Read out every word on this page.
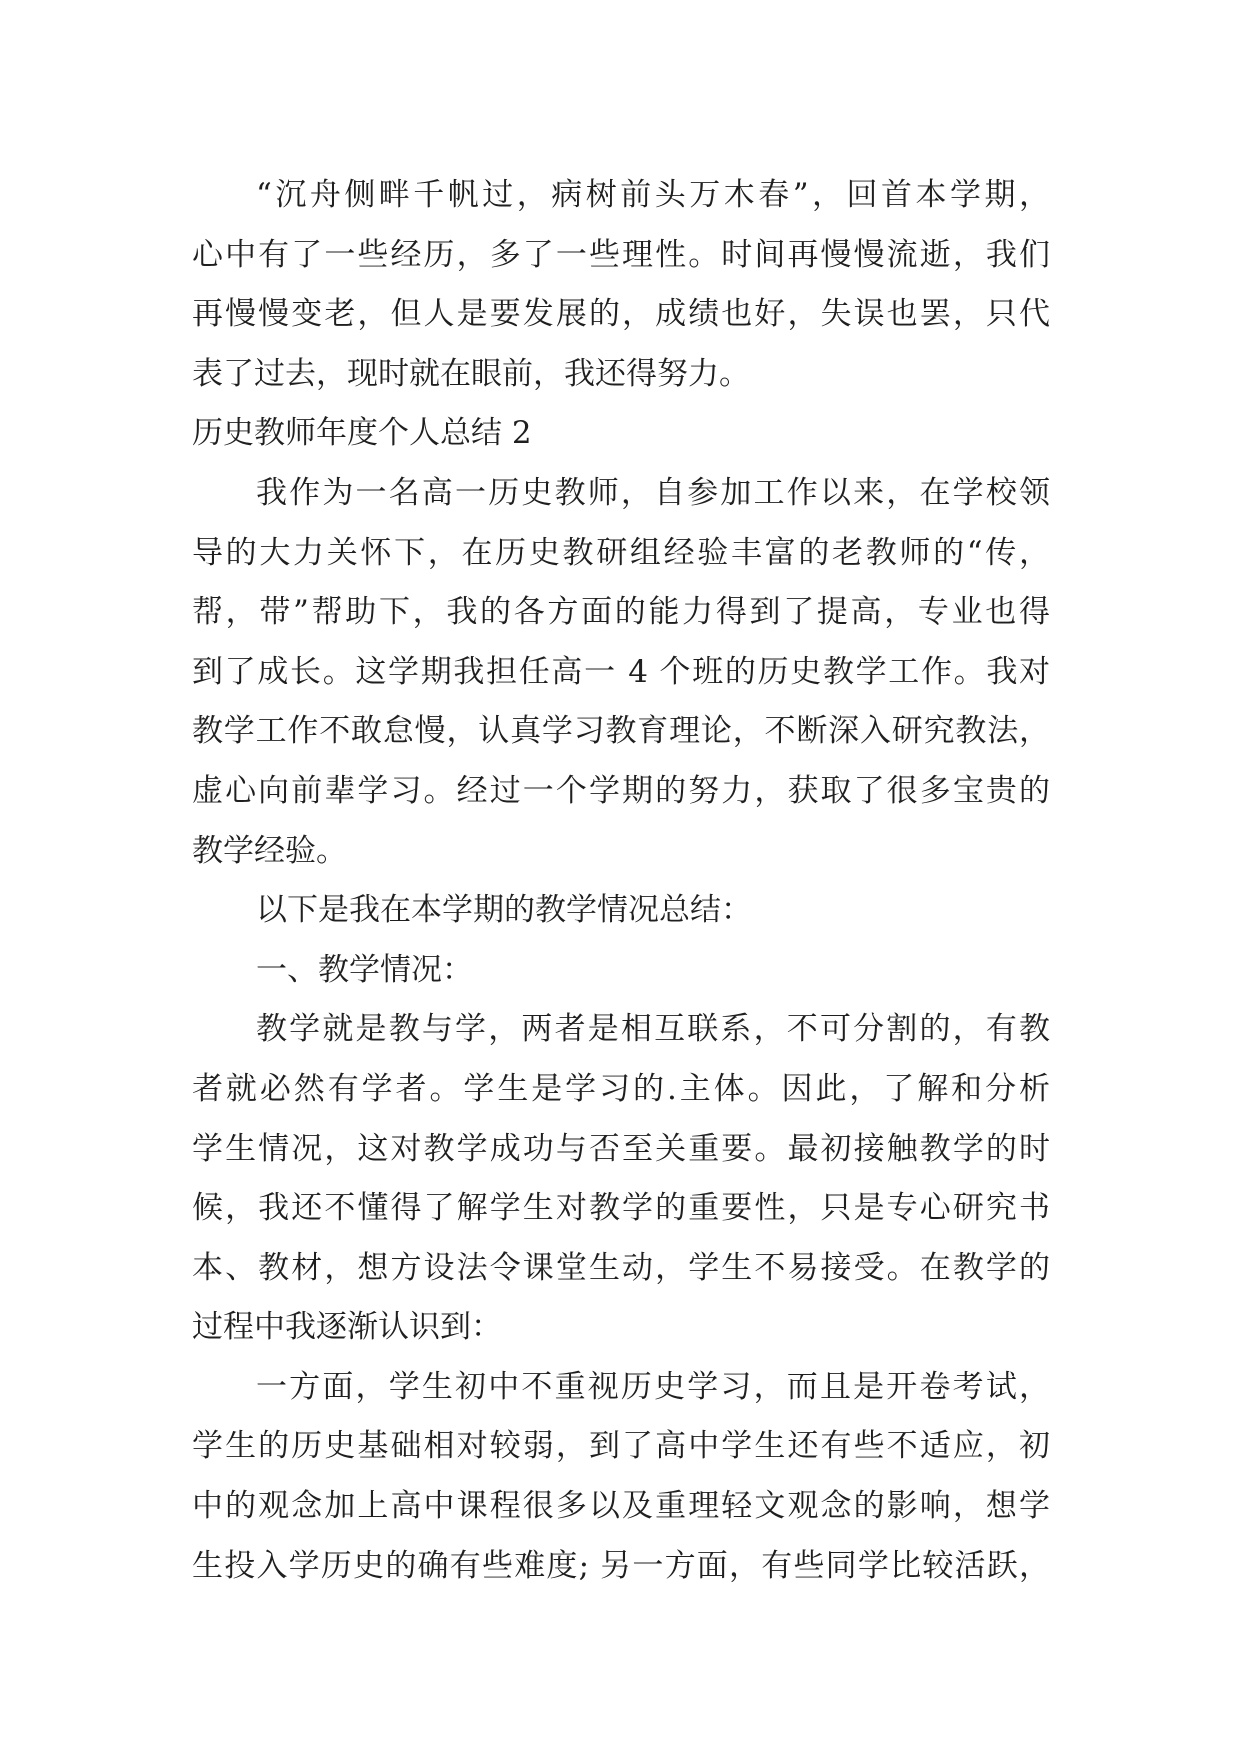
“沉舟侧畔千帆过，病树前头万木春”，回首本学期，
心中有了一些经历，多了一些理性。时间再慢慢流逝，我们
再慢慢变老，但人是要发展的，成绩也好，失误也罢，只代
表了过去，现时就在眼前，我还得努力。
历史教师年度个人总结 2
我作为一名高一历史教师，自参加工作以来，在学校领
导的大力关怀下，在历史教研组经验丰富的老教师的“传，
帮，带”帮助下，我的各方面的能力得到了提高，专业也得
到了成长。这学期我担任高一 4 个班的历史教学工作。我对
教学工作不敢怠慢，认真学习教育理论，不断深入研究教法，
虚心向前辈学习。经过一个学期的努力，获取了很多宝贵的
教学经验。
以下是我在本学期的教学情况总结：
一、教学情况：
教学就是教与学，两者是相互联系，不可分割的，有教
者就必然有学者。学生是学习的.主体。因此，了解和分析
学生情况，这对教学成功与否至关重要。最初接触教学的时
候，我还不懂得了解学生对教学的重要性，只是专心研究书
本、教材，想方设法令课堂生动，学生不易接受。在教学的
过程中我逐渐认识到：
一方面，学生初中不重视历史学习，而且是开卷考试，
学生的历史基础相对较弱，到了高中学生还有些不适应，初
中的观念加上高中课程很多以及重理轻文观念的影响，想学
生投入学历史的确有些难度; 另一方面，有些同学比较活跃，
